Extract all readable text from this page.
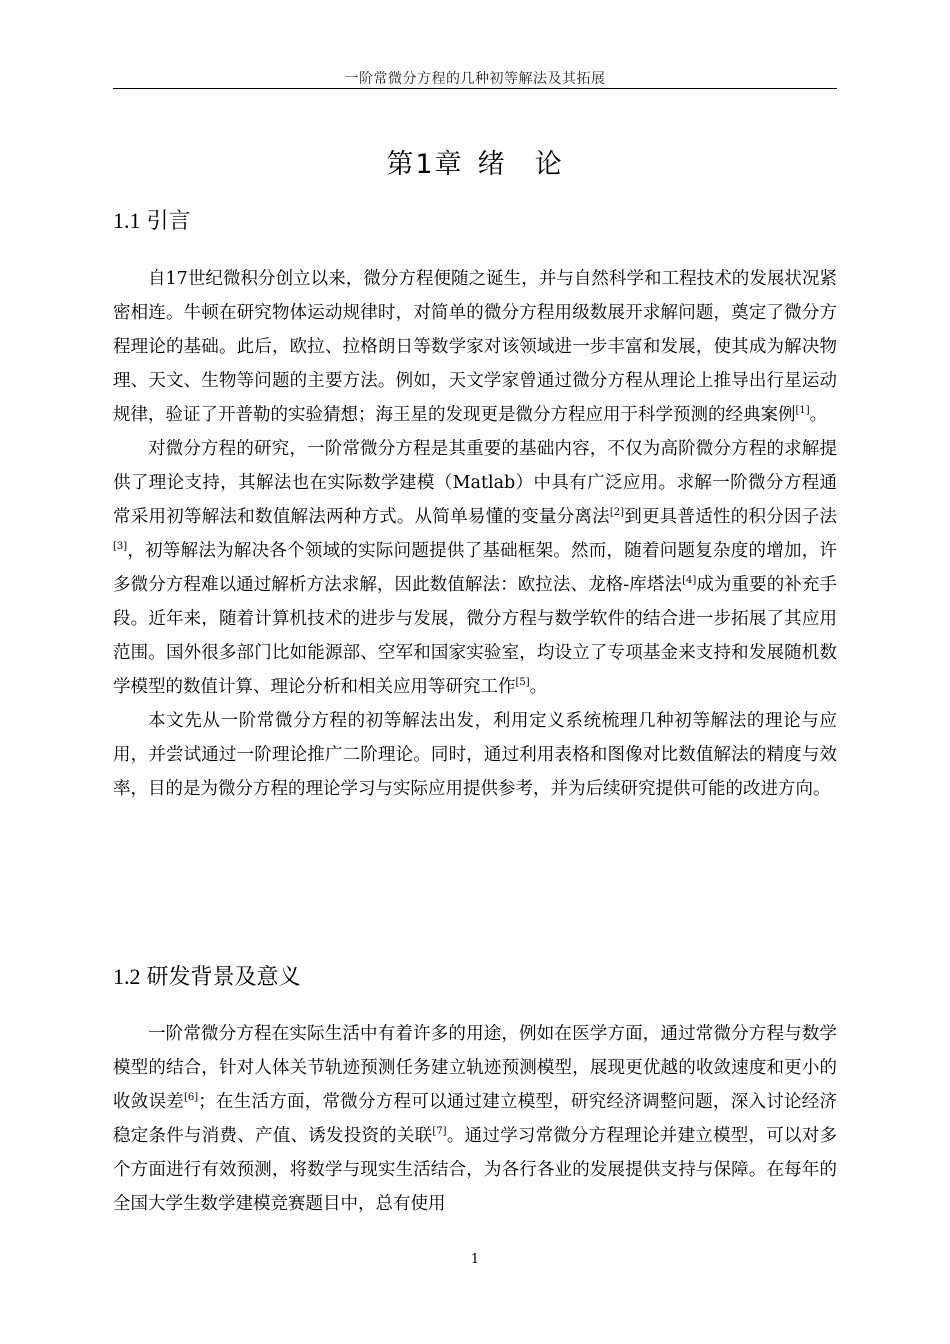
一阶常微分方程的几种初等解法及其拓展
第1章 绪 论
1.1 引言

自17世纪微积分创立以来，微分方程便随之诞生，并与自然科学和工程技术的发展状况紧密相连。牛顿在研究物体运动规律时，对简单的微分方程用级数展开求解问题，奠定了微分方程理论的基础。此后，欧拉、拉格朗日等数学家对该领域进一步丰富和发展，使其成为解决物理、天文、生物等问题的主要方法。例如，天文学家曾通过微分方程从理论上推导出行星运动规律，验证了开普勒的实验猜想；海王星的发现更是微分方程应用于科学预测的经典案例[1]。

对微分方程的研究，一阶常微分方程是其重要的基础内容，不仅为高阶微分方程的求解提供了理论支持，其解法也在实际数学建模（Matlab）中具有广泛应用。求解一阶微分方程通常采用初等解法和数值解法两种方式。从简单易懂的变量分离法[2]到更具普适性的积分因子法[3]，初等解法为解决各个领域的实际问题提供了基础框架。然而，随着问题复杂度的增加，许多微分方程难以通过解析方法求解，因此数值解法：欧拉法、龙格-库塔法[4]成为重要的补充手段。近年来，随着计算机技术的进步与发展，微分方程与数学软件的结合进一步拓展了其应用范围。国外很多部门比如能源部、空军和国家实验室，均设立了专项基金来支持和发展随机数学模型的数值计算、理论分析和相关应用等研究工作[5]。

本文先从一阶常微分方程的初等解法出发，利用定义系统梳理几种初等解法的理论与应用，并尝试通过一阶理论推广二阶理论。同时，通过利用表格和图像对比数值解法的精度与效率，目的是为微分方程的理论学习与实际应用提供参考，并为后续研究提供可能的改进方向。

1.2 研发背景及意义

一阶常微分方程在实际生活中有着许多的用途，例如在医学方面，通过常微分方程与数学模型的结合，针对人体关节轨迹预测任务建立轨迹预测模型，展现更优越的收敛速度和更小的收敛误差[6]；在生活方面，常微分方程可以通过建立模型，研究经济调整问题，深入讨论经济稳定条件与消费、产值、诱发投资的关联[7]。通过学习常微分方程理论并建立模型，可以对多个方面进行有效预测，将数学与现实生活结合，为各行各业的发展提供支持与保障。在每年的全国大学生数学建模竞赛题目中，总有使用

1
